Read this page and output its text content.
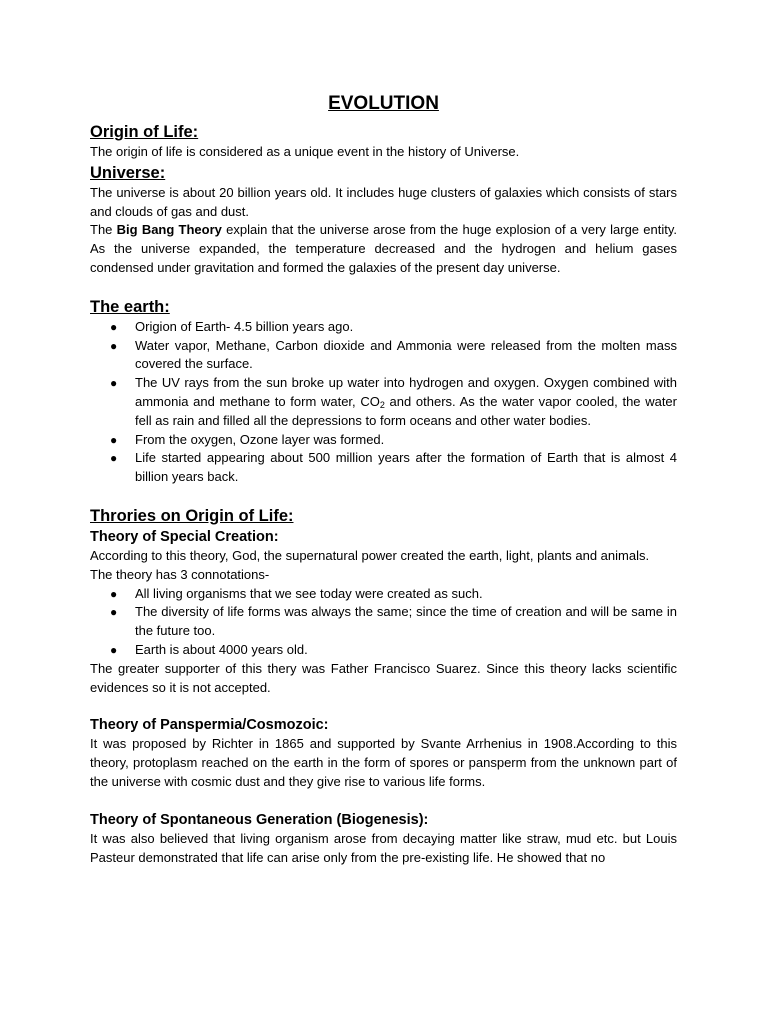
EVOLUTION
Origin of Life:

The origin of life is considered as a unique event in the history of Universe.

Universe:

The universe is about 20 billion years old. It includes huge clusters of galaxies which consists of stars and clouds of gas and dust.

The Big Bang Theory explain that the universe arose from the huge explosion of a very large entity. As the universe expanded, the temperature decreased and the hydrogen and helium gases condensed under gravitation and formed the galaxies of the present day universe.

The earth:
● Origion of Earth- 4.5 billion years ago.
● Water vapor, Methane, Carbon dioxide and Ammonia were released from the molten mass covered the surface.
● The UV rays from the sun broke up water into hydrogen and oxygen. Oxygen combined with ammonia and methane to form water, $CO_2$ and others. As the water vapor cooled, the water fell as rain and filled all the depressions to form oceans and other water bodies.
● From the oxygen, Ozone layer was formed.
● Life started appearing about 500 million years after the formation of Earth that is almost 4 billion years back.
Throries on Origin of Life:
Theory of Special Creation:

According to this theory, God, the supernatural power created the earth, light, plants and animals.

The theory has 3 connotations-

● All living organisms that we see today were created as such.
● The diversity of life forms was always the same; since the time of creation and will be same in the future too.
● Earth is about 4000 years old.

The greater supporter of this thery was Father Francisco Suarez. Since this theory lacks scientific evidences so it is not accepted.

Theory of Panspermia/Cosmozoic:

It was proposed by Richter in 1865 and supported by Svante Arrhenius in 1908.According to this theory, protoplasm reached on the earth in the form of spores or pansperm from the unknown part of the universe with cosmic dust and they give rise to various life forms.

Theory of Spontaneous Generation (Biogenesis):

It was also believed that living organism arose from decaying matter like straw, mud etc. but Louis Pasteur demonstrated that life can arise only from the pre-existing life. He showed that no
